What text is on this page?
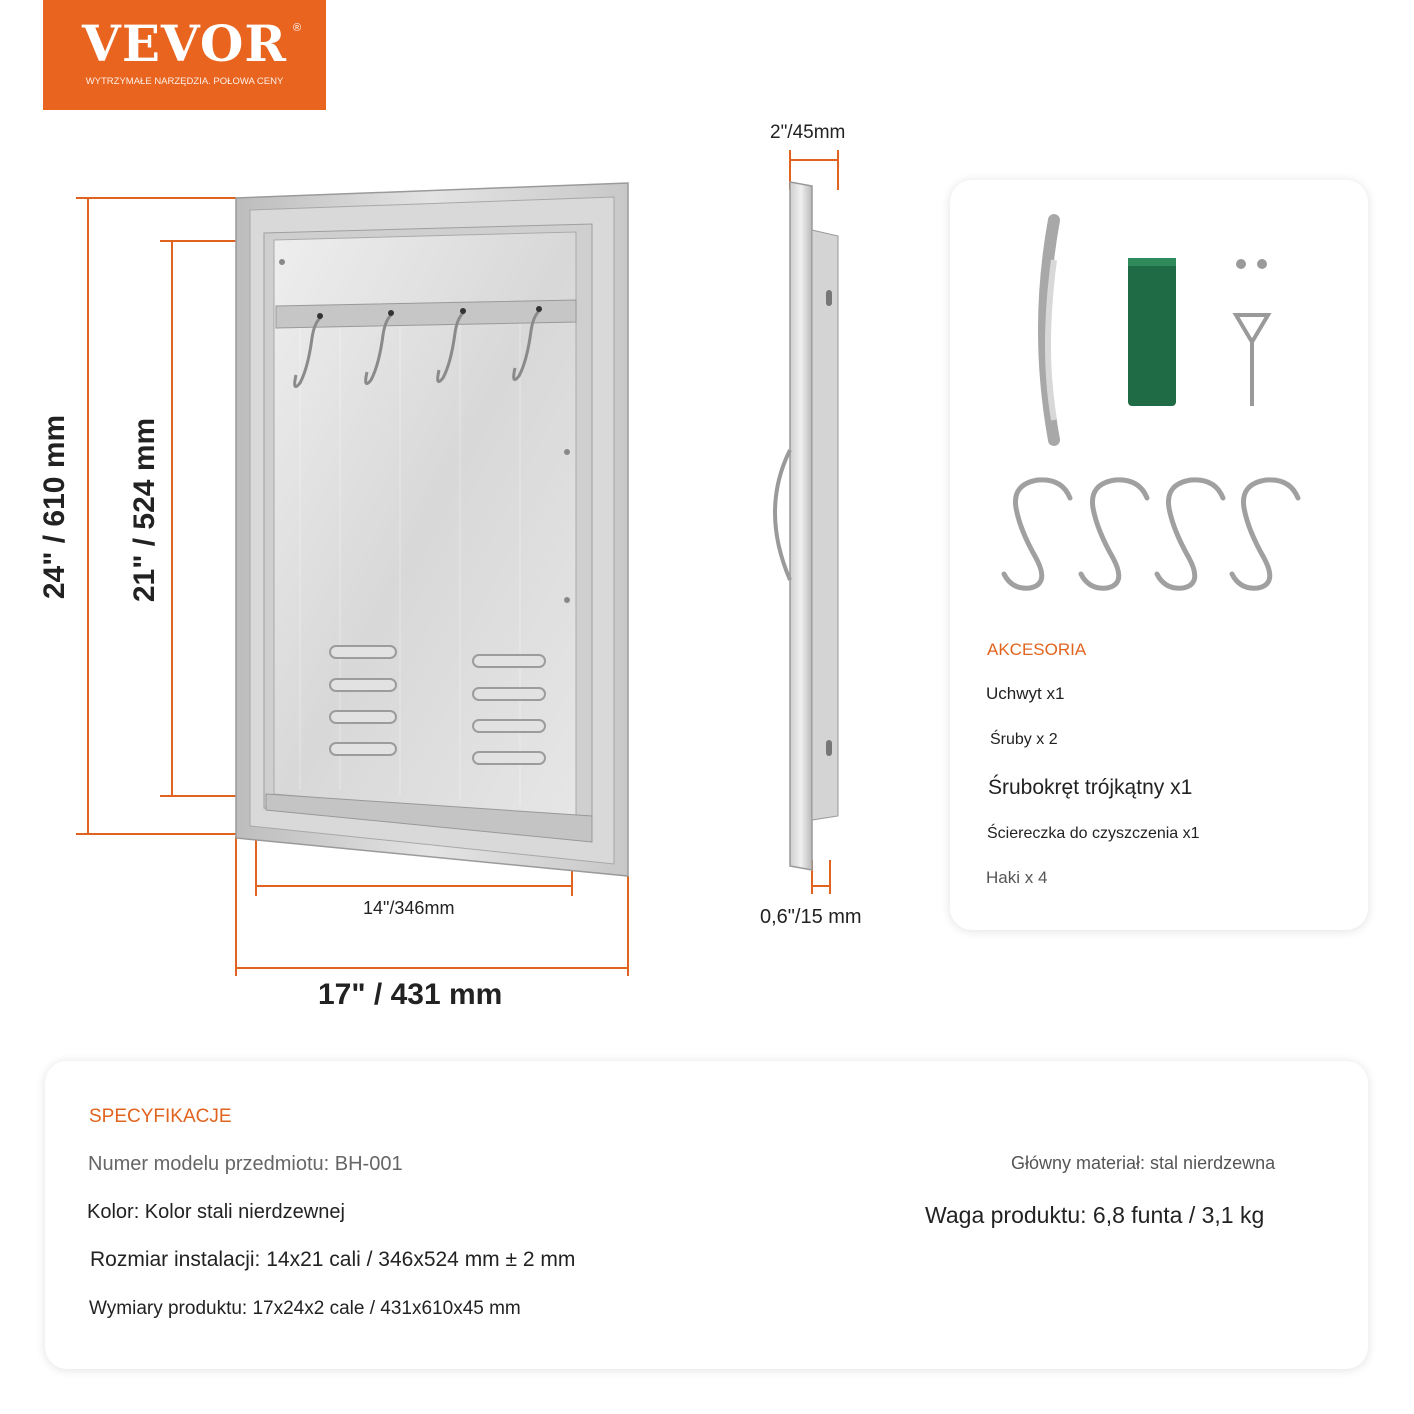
VEVOR ®
WYTRZYMAŁE NARZĘDZIA. POŁOWA CENY
24" / 610 mm 21" / 524 mm
14"/346mm
17" / 431 mm
2"/45mm
0,6"/15 mm
AKCESORIA
Uchwyt x1
Śruby x 2
Śrubokręt trójkątny x1
Ściereczka do czyszczenia x1
Haki x 4
SPECYFIKACJE
Numer modelu przedmiotu: BH-001
Kolor: Kolor stali nierdzewnej
Rozmiar instalacji: 14x21 cali / 346x524 mm ± 2 mm
Wymiary produktu: 17x24x2 cale / 431x610x45 mm
Główny materiał: stal nierdzewna
Waga produktu: 6,8 funta / 3,1 kg
